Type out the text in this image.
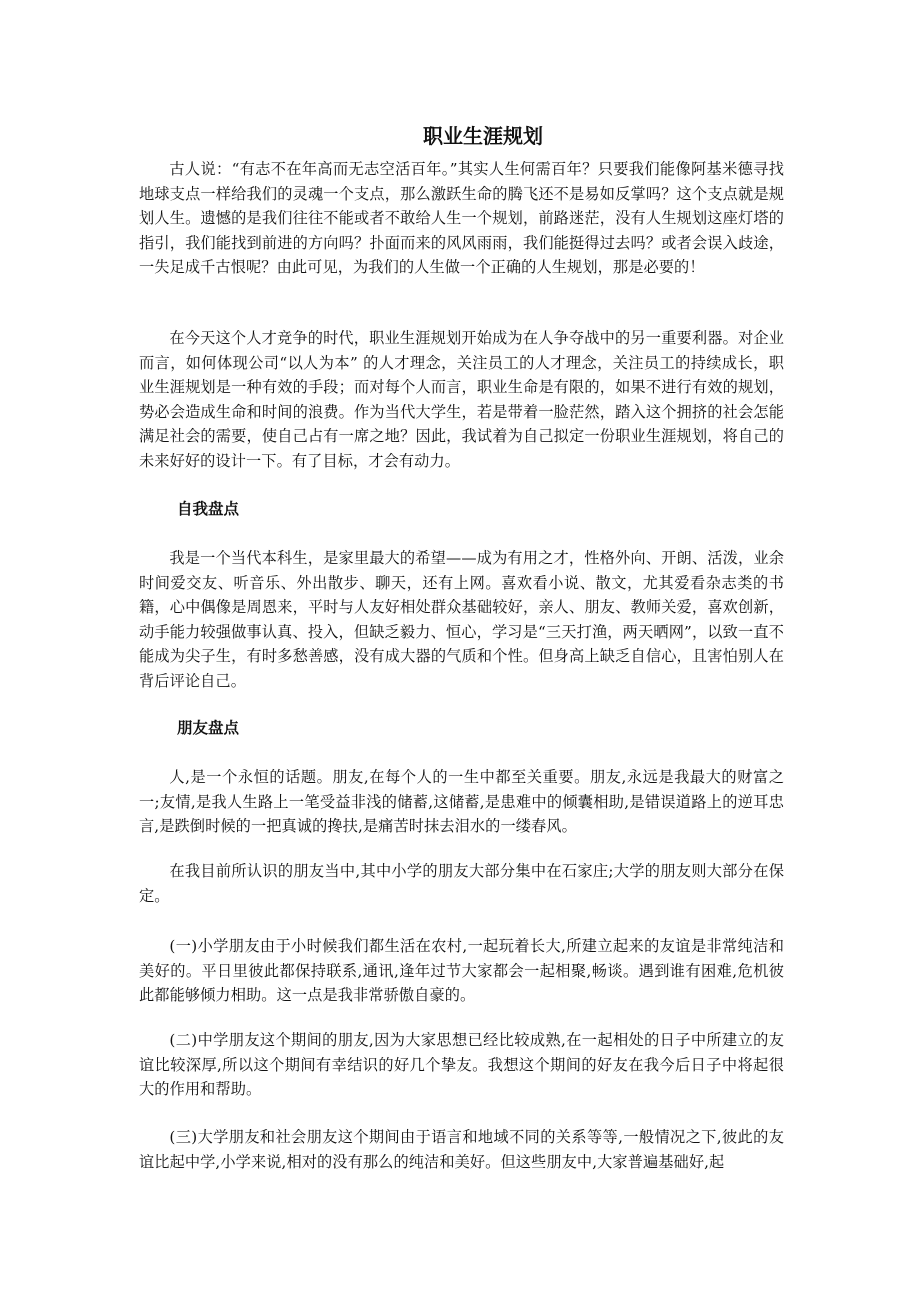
职业生涯规划

古人说：“有志不在年高而无志空活百年。”其实人生何需百年？只要我们能像阿基米德寻找地球支点一样给我们的灵魂一个支点，那么激跃生命的腾飞还不是易如反掌吗？这个支点就是规划人生。遗憾的是我们往往不能或者不敢给人生一个规划，前路迷茫，没有人生规划这座灯塔的指引，我们能找到前进的方向吗？扑面而来的风风雨雨，我们能挺得过去吗？或者会误入歧途，一失足成千古恨呢？由此可见，为我们的人生做一个正确的人生规划，那是必要的！

在今天这个人才竞争的时代，职业生涯规划开始成为在人争夺战中的另一重要利器。对企业而言，如何体现公司“以人为本” 的人才理念，关注员工的人才理念，关注员工的持续成长，职业生涯规划是一种有效的手段；而对每个人而言，职业生命是有限的，如果不进行有效的规划，势必会造成生命和时间的浪费。作为当代大学生，若是带着一脸茫然，踏入这个拥挤的社会怎能满足社会的需要，使自己占有一席之地？因此，我试着为自己拟定一份职业生涯规划，将自己的未来好好的设计一下。有了目标，才会有动力。

自我盘点

我是一个当代本科生，是家里最大的希望——成为有用之才，性格外向、开朗、活泼，业余时间爱交友、听音乐、外出散步、聊天，还有上网。喜欢看小说、散文，尤其爱看杂志类的书籍，心中偶像是周恩来，平时与人友好相处群众基础较好，亲人、朋友、教师关爱，喜欢创新，动手能力较强做事认真、投入，但缺乏毅力、恒心，学习是“三天打渔，两天晒网”，以致一直不能成为尖子生，有时多愁善感，没有成大器的气质和个性。但身高上缺乏自信心，且害怕别人在背后评论自己。

朋友盘点

人,是一个永恒的话题。朋友,在每个人的一生中都至关重要。朋友,永远是我最大的财富之一;友情,是我人生路上一笔受益非浅的储蓄,这储蓄,是患难中的倾囊相助,是错误道路上的逆耳忠言,是跌倒时候的一把真诚的搀扶,是痛苦时抹去泪水的一缕春风。

在我目前所认识的朋友当中,其中小学的朋友大部分集中在石家庄;大学的朋友则大部分在保定。

(一)小学朋友由于小时候我们都生活在农村,一起玩着长大,所建立起来的友谊是非常纯洁和美好的。平日里彼此都保持联系,通讯,逢年过节大家都会一起相聚,畅谈。遇到谁有困难,危机彼此都能够倾力相助。这一点是我非常骄傲自豪的。

(二)中学朋友这个期间的朋友,因为大家思想已经比较成熟,在一起相处的日子中所建立的友谊比较深厚,所以这个期间有幸结识的好几个挚友。我想这个期间的好友在我今后日子中将起很大的作用和帮助。

(三)大学朋友和社会朋友这个期间由于语言和地域不同的关系等等,一般情况之下,彼此的友谊比起中学,小学来说,相对的没有那么的纯洁和美好。但这些朋友中,大家普遍基础好,起
